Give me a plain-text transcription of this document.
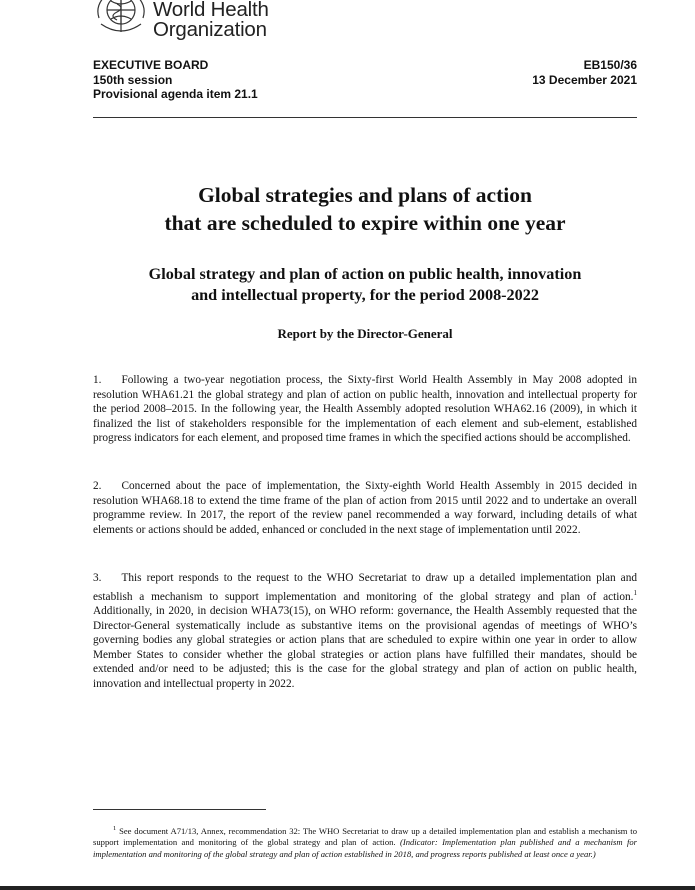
World Health
Organization
EXECUTIVE BOARD
150th session
Provisional agenda item 21.1
EB150/36
13 December 2021
Global strategies and plans of action
that are scheduled to expire within one year
Global strategy and plan of action on public health, innovation
and intellectual property, for the period 2008-2022
Report by the Director-General
1. Following a two-year negotiation process, the Sixty-first World Health Assembly in May 2008 adopted in resolution WHA61.21 the global strategy and plan of action on public health, innovation and intellectual property for the period 2008–2015. In the following year, the Health Assembly adopted resolution WHA62.16 (2009), in which it finalized the list of stakeholders responsible for the implementation of each element and sub-element, established progress indicators for each element, and proposed time frames in which the specified actions should be accomplished.
2. Concerned about the pace of implementation, the Sixty-eighth World Health Assembly in 2015 decided in resolution WHA68.18 to extend the time frame of the plan of action from 2015 until 2022 and to undertake an overall programme review. In 2017, the report of the review panel recommended a way forward, including details of what elements or actions should be added, enhanced or concluded in the next stage of implementation until 2022.
3. This report responds to the request to the WHO Secretariat to draw up a detailed implementation plan and establish a mechanism to support implementation and monitoring of the global strategy and plan of action.$^1$ Additionally, in 2020, in decision WHA73(15), on WHO reform: governance, the Health Assembly requested that the Director-General systematically include as substantive items on the provisional agendas of meetings of WHO’s governing bodies any global strategies or action plans that are scheduled to expire within one year in order to allow Member States to consider whether the global strategies or action plans have fulfilled their mandates, should be extended and/or need to be adjusted; this is the case for the global strategy and plan of action on public health, innovation and intellectual property in 2022.
$^1$ See document A71/13, Annex, recommendation 32: The WHO Secretariat to draw up a detailed implementation plan and establish a mechanism to support implementation and monitoring of the global strategy and plan of action. (Indicator: Implementation plan published and a mechanism for implementation and monitoring of the global strategy and plan of action established in 2018, and progress reports published at least once a year.)
